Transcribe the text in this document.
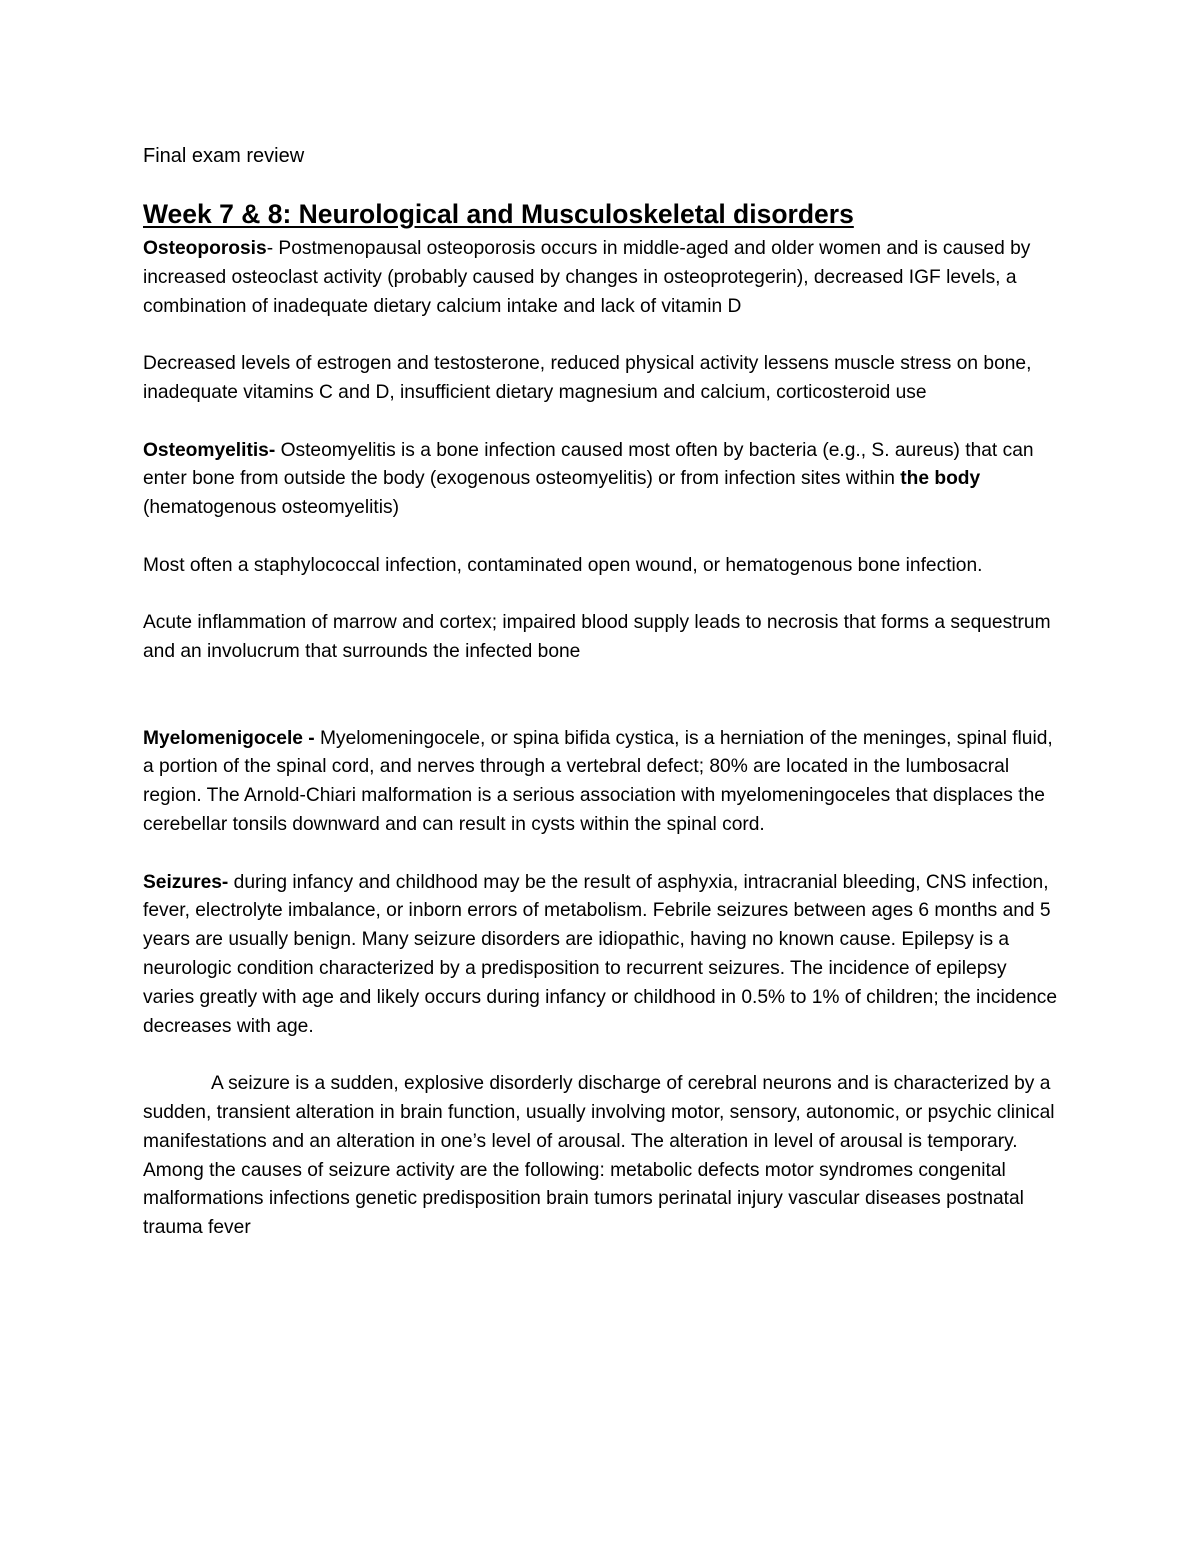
Final exam review
Week 7 & 8: Neurological and Musculoskeletal disorders

Osteoporosis- Postmenopausal osteoporosis occurs in middle-aged and older women and is caused by increased osteoclast activity (probably caused by changes in osteoprotegerin), decreased IGF levels, a combination of inadequate dietary calcium intake and lack of vitamin D

Decreased levels of estrogen and testosterone, reduced physical activity lessens muscle stress on bone, inadequate vitamins C and D, insufficient dietary magnesium and calcium, corticosteroid use

Osteomyelitis- Osteomyelitis is a bone infection caused most often by bacteria (e.g., S. aureus) that can enter bone from outside the body (exogenous osteomyelitis) or from infection sites within the body (hematogenous osteomyelitis)

Most often a staphylococcal infection, contaminated open wound, or hematogenous bone infection.

Acute inflammation of marrow and cortex; impaired blood supply leads to necrosis that forms a sequestrum and an involucrum that surrounds the infected bone

Myelomenigocele - Myelomeningocele, or spina bifida cystica, is a herniation of the meninges, spinal fluid, a portion of the spinal cord, and nerves through a vertebral defect; 80% are located in the lumbosacral region. The Arnold-Chiari malformation is a serious association with myelomeningoceles that displaces the cerebellar tonsils downward and can result in cysts within the spinal cord.

Seizures- during infancy and childhood may be the result of asphyxia, intracranial bleeding, CNS infection, fever, electrolyte imbalance, or inborn errors of metabolism. Febrile seizures between ages 6 months and 5 years are usually benign. Many seizure disorders are idiopathic, having no known cause. Epilepsy is a neurologic condition characterized by a predisposition to recurrent seizures. The incidence of epilepsy varies greatly with age and likely occurs during infancy or childhood in 0.5% to 1% of children; the incidence decreases with age.

A seizure is a sudden, explosive disorderly discharge of cerebral neurons and is characterized by a sudden, transient alteration in brain function, usually involving motor, sensory, autonomic, or psychic clinical manifestations and an alteration in one’s level of arousal. The alteration in level of arousal is temporary. Among the causes of seizure activity are the following: metabolic defects motor syndromes congenital malformations infections genetic predisposition brain tumors perinatal injury vascular diseases postnatal trauma fever
